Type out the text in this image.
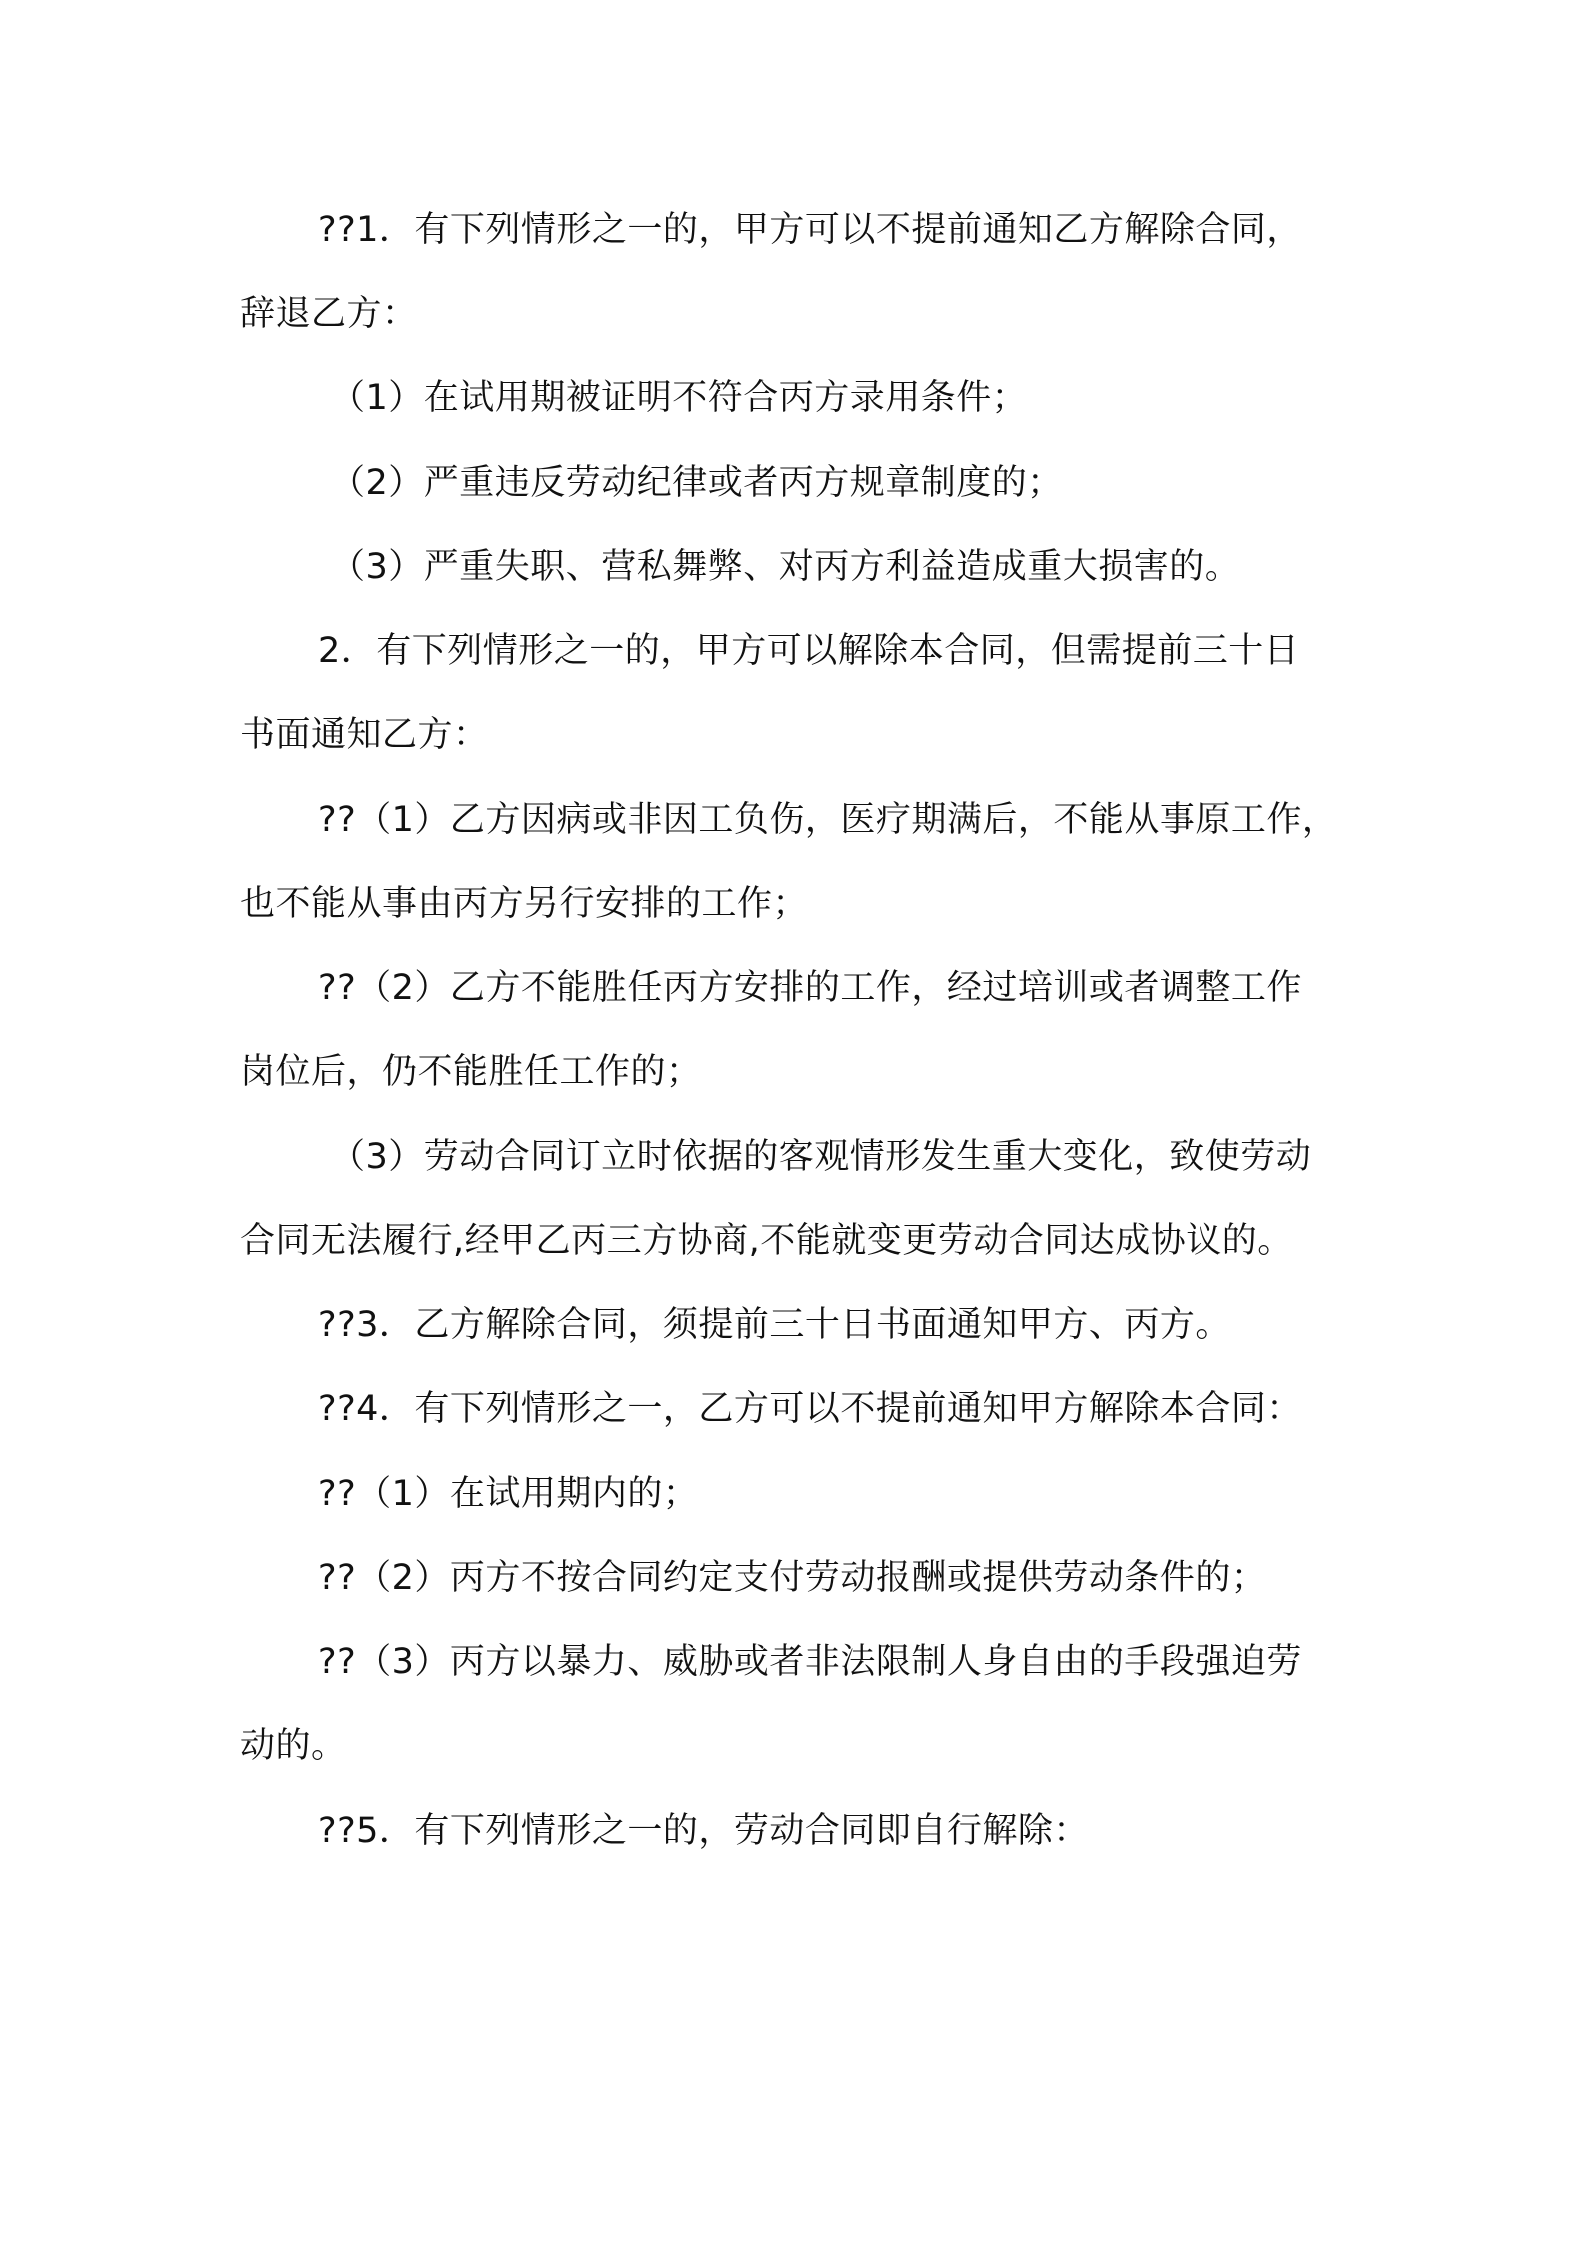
??1．有下列情形之一的，甲方可以不提前通知乙方解除合同，
辞退乙方：
（1）在试用期被证明不符合丙方录用条件；
（2）严重违反劳动纪律或者丙方规章制度的；
（3）严重失职、营私舞弊、对丙方利益造成重大损害的。
2．有下列情形之一的，甲方可以解除本合同，但需提前三十日
书面通知乙方：
??（1）乙方因病或非因工负伤，医疗期满后，不能从事原工作，
也不能从事由丙方另行安排的工作；
??（2）乙方不能胜任丙方安排的工作，经过培训或者调整工作
岗位后，仍不能胜任工作的；
（3）劳动合同订立时依据的客观情形发生重大变化，致使劳动
合同无法履行,经甲乙丙三方协商,不能就变更劳动合同达成协议的。
??3．乙方解除合同，须提前三十日书面通知甲方、丙方。
??4．有下列情形之一，乙方可以不提前通知甲方解除本合同：
??（1）在试用期内的；
??（2）丙方不按合同约定支付劳动报酬或提供劳动条件的；
??（3）丙方以暴力、威胁或者非法限制人身自由的手段强迫劳
动的。
??5．有下列情形之一的，劳动合同即自行解除：
